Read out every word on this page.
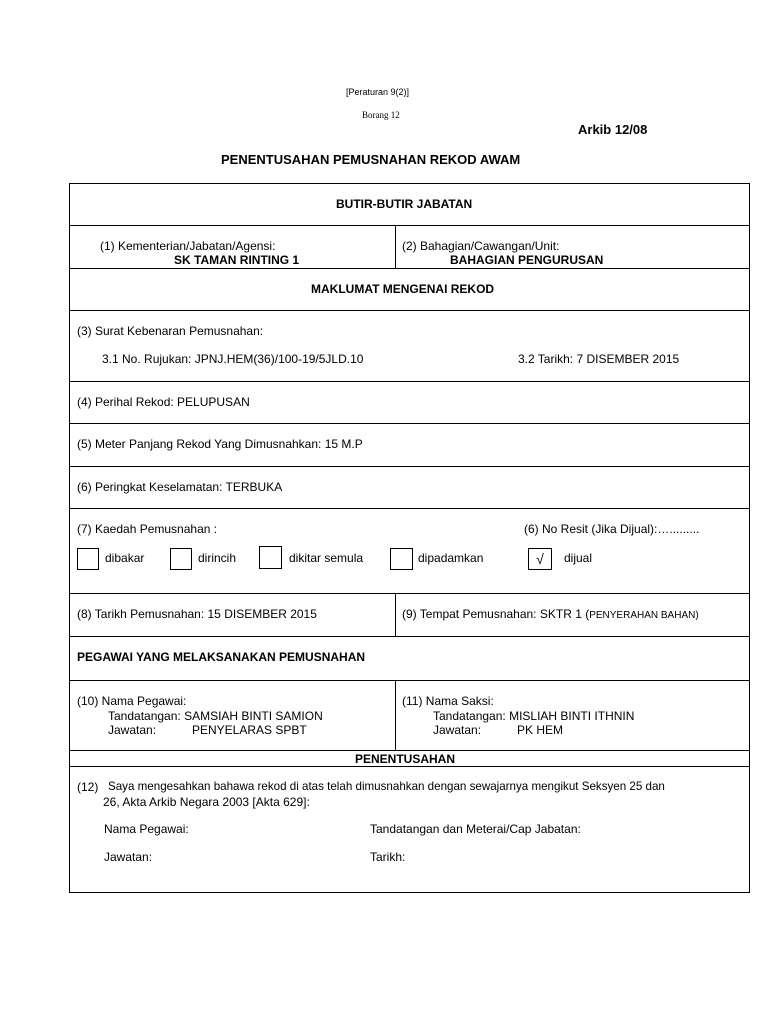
[Peraturan 9(2)]
Borang 12
Arkib 12/08
PENENTUSAHAN PEMUSNAHAN REKOD AWAM
BUTIR-BUTIR JABATAN
(1) Kementerian/Jabatan/Agensi:
SK TAMAN RINTING 1
(2) Bahagian/Cawangan/Unit:
BAHAGIAN PENGURUSAN
MAKLUMAT MENGENAI REKOD
(3) Surat Kebenaran Pemusnahan:
3.1 No. Rujukan: JPNJ.HEM(36)/100-19/5JLD.10	3.2 Tarikh: 7 DISEMBER 2015
(4) Perihal Rekod: PELUPUSAN
(5) Meter Panjang Rekod Yang Dimusnahkan: 15 M.P
(6) Peringkat Keselamatan: TERBUKA
(7) Kaedah Pemusnahan :	(6) No Resit (Jika Dijual):….........
dibakar	dirincih	dikitar semula	dipadamkan	√	dijual
(8) Tarikh Pemusnahan: 15 DISEMBER 2015	(9) Tempat Pemusnahan: SKTR 1 (PENYERAHAN BAHAN)
PEGAWAI YANG MELAKSANAKAN PEMUSNAHAN
(10) Nama Pegawai:
Tandatangan: SAMSIAH BINTI SAMION
Jawatan:	PENYELARAS SPBT
(11) Nama Saksi:
Tandatangan: MISLIAH BINTI ITHNIN
Jawatan:	PK HEM
PENENTUSAHAN
(12) Saya mengesahkan bahawa rekod di atas telah dimusnahkan dengan sewajarnya mengikut Seksyen 25 dan
26, Akta Arkib Negara 2003 [Akta 629]:
Nama Pegawai:	Tandatangan dan Meterai/Cap Jabatan:
Jawatan:	Tarikh:
